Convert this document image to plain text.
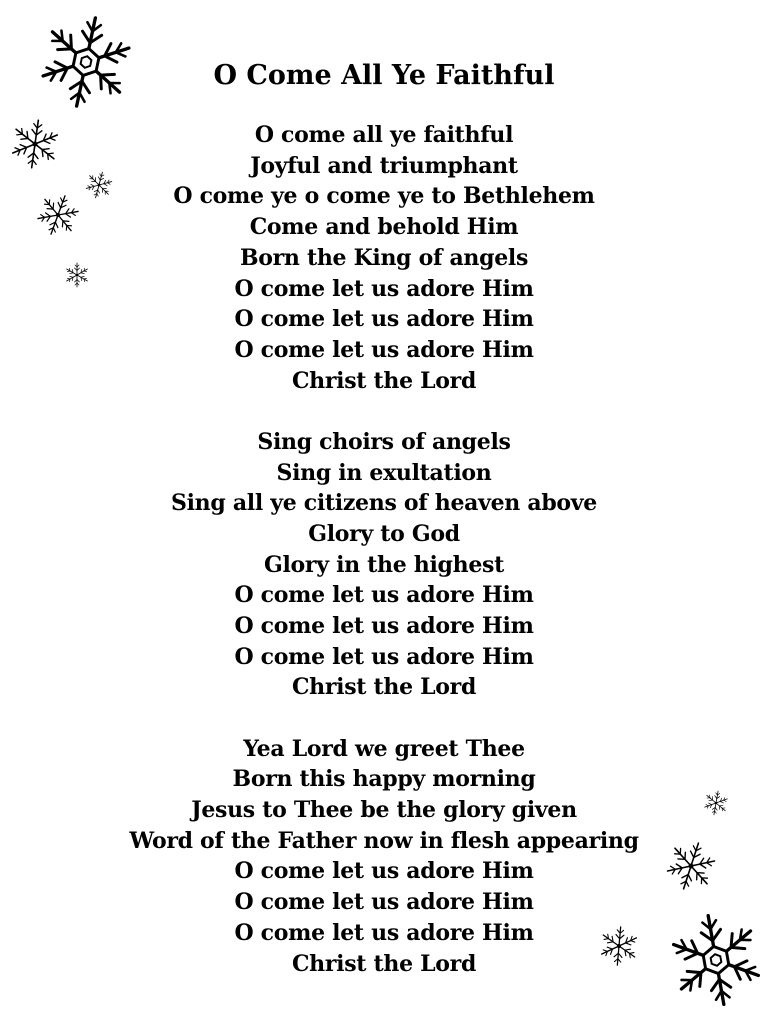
O Come All Ye Faithful
O come all ye faithful
Joyful and triumphant
O come ye o come ye to Bethlehem
Come and behold Him
Born the King of angels
O come let us adore Him
O come let us adore Him
O come let us adore Him
Christ the Lord
Sing choirs of angels
Sing in exultation
Sing all ye citizens of heaven above
Glory to God
Glory in the highest
O come let us adore Him
O come let us adore Him
O come let us adore Him
Christ the Lord
Yea Lord we greet Thee
Born this happy morning
Jesus to Thee be the glory given
Word of the Father now in flesh appearing
O come let us adore Him
O come let us adore Him
O come let us adore Him
Christ the Lord
